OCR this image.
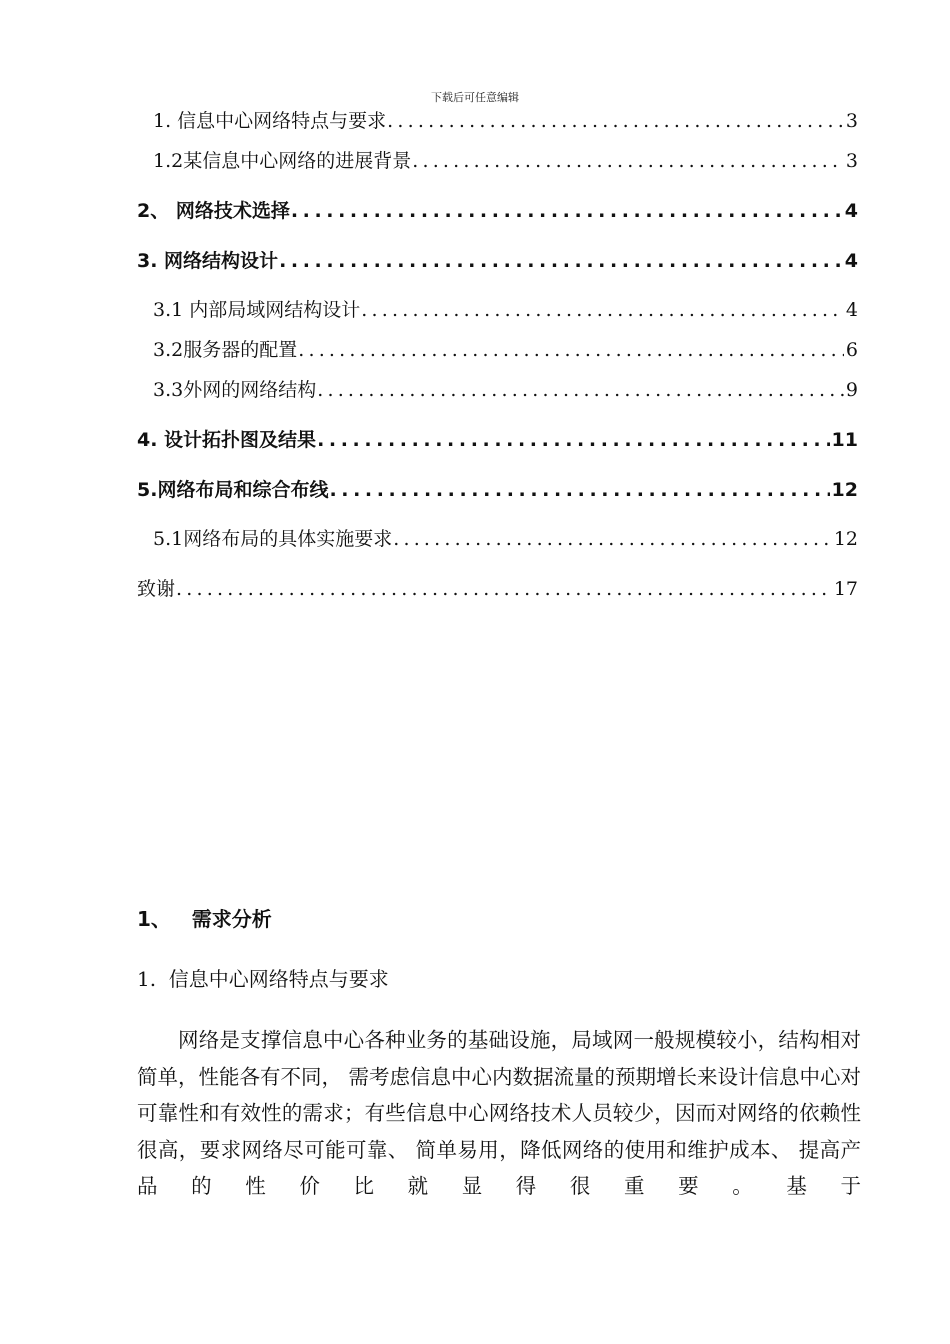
下载后可任意编辑
1. 信息中心网络特点与要求 .....	3
1.2某信息中心网络的进展背景 .....	3
2、 网络技术选择 .....	4
3. 网络结构设计 .....	4
3.1 内部局域网结构设计 .....	4
3.2服务器的配置 .....	6
3.3外网的网络结构 .....	9
4. 设计拓扑图及结果 .....	11
5.网络布局和综合布线 .....	12
5.1网络布局的具体实施要求 .....	12
致谢 .....	17
1、   需求分析
1.  信息中心网络特点与要求

网络是支撑信息中心各种业务的基础设施，局域网一般规模较小，结构相对简单，性能各有不同， 需考虑信息中心内数据流量的预期增长来设计信息中心对可靠性和有效性的需求；有些信息中心网络技术人员较少，因而对网络的依赖性很高，要求网络尽可能可靠、 简单易用，降低网络的使用和维护成本、 提高产品的性价比就显得很重要。基于
